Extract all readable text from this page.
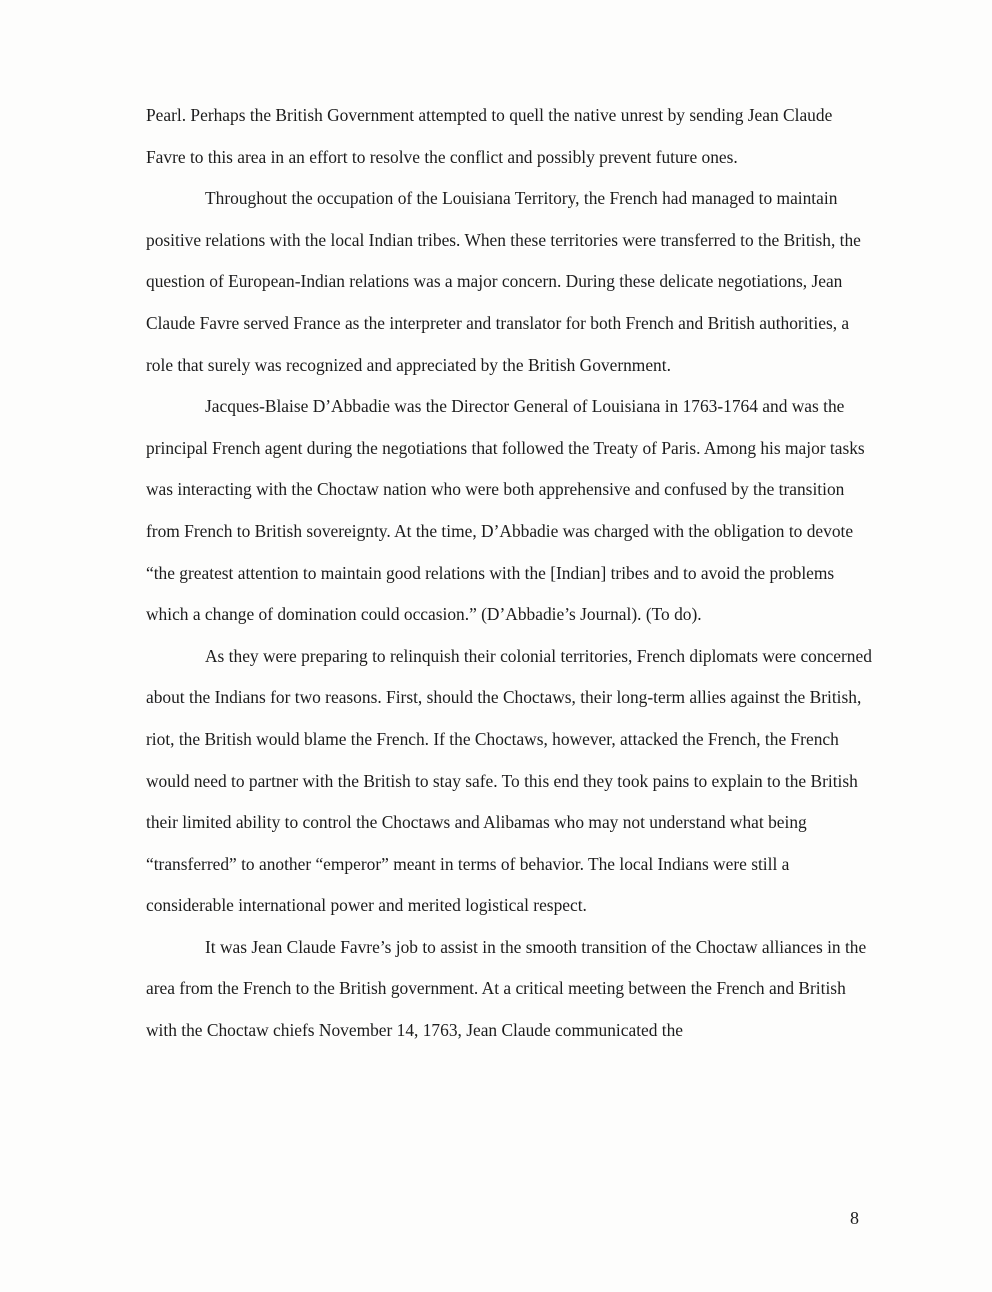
Pearl. Perhaps the British Government attempted to quell the native unrest by sending Jean Claude Favre to this area in an effort to resolve the conflict and possibly prevent future ones.

Throughout the occupation of the Louisiana Territory, the French had managed to maintain positive relations with the local Indian tribes. When these territories were transferred to the British, the question of European-Indian relations was a major concern. During these delicate negotiations, Jean Claude Favre served France as the interpreter and translator for both French and British authorities, a role that surely was recognized and appreciated by the British Government.

Jacques-Blaise D’Abbadie was the Director General of Louisiana in 1763-1764 and was the principal French agent during the negotiations that followed the Treaty of Paris. Among his major tasks was interacting with the Choctaw nation who were both apprehensive and confused by the transition from French to British sovereignty. At the time, D’Abbadie was charged with the obligation to devote “the greatest attention to maintain good relations with the [Indian] tribes and to avoid the problems which a change of domination could occasion.” (D’Abbadie’s Journal). (To do).

As they were preparing to relinquish their colonial territories, French diplomats were concerned about the Indians for two reasons. First, should the Choctaws, their long-term allies against the British, riot, the British would blame the French. If the Choctaws, however, attacked the French, the French would need to partner with the British to stay safe. To this end they took pains to explain to the British their limited ability to control the Choctaws and Alibamas who may not understand what being “transferred” to another “emperor” meant in terms of behavior. The local Indians were still a considerable international power and merited logistical respect.

It was Jean Claude Favre’s job to assist in the smooth transition of the Choctaw alliances in the area from the French to the British government. At a critical meeting between the French and British with the Choctaw chiefs November 14, 1763, Jean Claude communicated the

8
